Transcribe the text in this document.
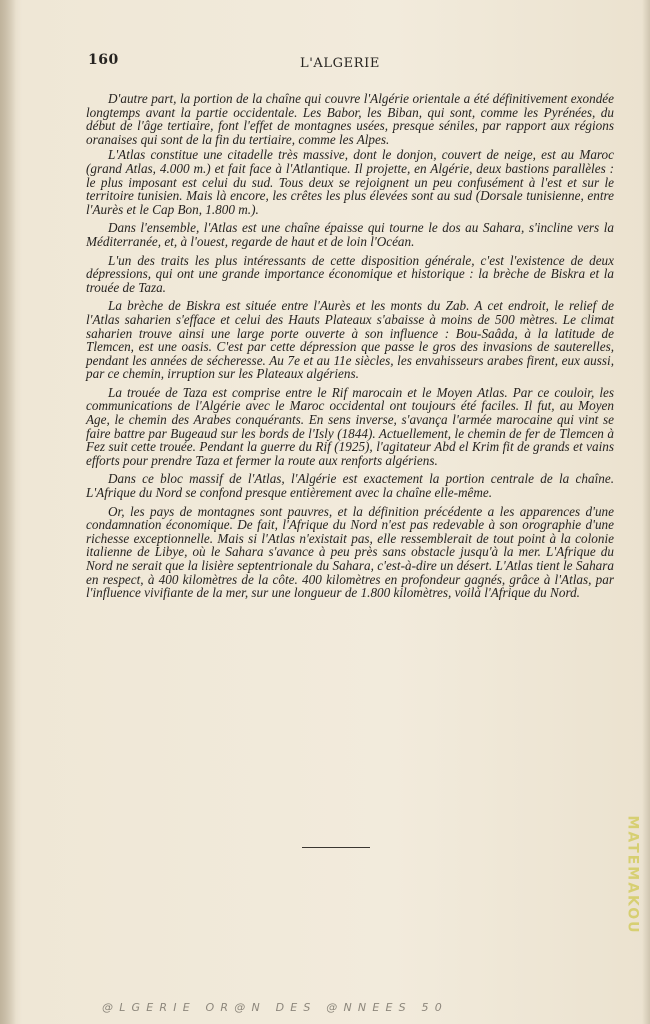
160	L'ALGERIE

D'autre part, la portion de la chaîne qui couvre l'Algérie orientale a été définitivement exondée longtemps avant la partie occidentale. Les Babor, les Biban, qui sont, comme les Pyrénées, du début de l'âge tertiaire, font l'effet de montagnes usées, presque séniles, par rapport aux régions oranaises qui sont de la fin du tertiaire, comme les Alpes.

L'Atlas constitue une citadelle très massive, dont le donjon, couvert de neige, est au Maroc (grand Atlas, 4.000 m.) et fait face à l'Atlantique. Il projette, en Algérie, deux bastions parallèles : le plus imposant est celui du sud. Tous deux se rejoignent un peu confusément à l'est et sur le territoire tunisien. Mais là encore, les crêtes les plus élevées sont au sud (Dorsale tunisienne, entre l'Aurès et le Cap Bon, 1.800 m.).

Dans l'ensemble, l'Atlas est une chaîne épaisse qui tourne le dos au Sahara, s'incline vers la Méditerranée, et, à l'ouest, regarde de haut et de loin l'Océan.

L'un des traits les plus intéressants de cette disposition générale, c'est l'existence de deux dépressions, qui ont une grande importance économique et historique : la brèche de Biskra et la trouée de Taza.

La brèche de Biskra est située entre l'Aurès et les monts du Zab. A cet endroit, le relief de l'Atlas saharien s'efface et celui des Hauts Plateaux s'abaisse à moins de 500 mètres. Le climat saharien trouve ainsi une large porte ouverte à son influence : Bou-Saâda, à la latitude de Tlemcen, est une oasis. C'est par cette dépression que passe le gros des invasions de sauterelles, pendant les années de sécheresse. Au 7e et au 11e siècles, les envahisseurs arabes firent, eux aussi, par ce chemin, irruption sur les Plateaux algériens.

La trouée de Taza est comprise entre le Rif marocain et le Moyen Atlas. Par ce couloir, les communications de l'Algérie avec le Maroc occidental ont toujours été faciles. Il fut, au Moyen Age, le chemin des Arabes conquérants. En sens inverse, s'avança l'armée marocaine qui vint se faire battre par Bugeaud sur les bords de l'Isly (1844). Actuellement, le chemin de fer de Tlemcen à Fez suit cette trouée. Pendant la guerre du Rif (1925), l'agitateur Abd el Krim fit de grands et vains efforts pour prendre Taza et fermer la route aux renforts algériens.

Dans ce bloc massif de l'Atlas, l'Algérie est exactement la portion centrale de la chaîne. L'Afrique du Nord se confond presque entièrement avec la chaîne elle-même.

Or, les pays de montagnes sont pauvres, et la définition précédente a les apparences d'une condamnation économique. De fait, l'Afrique du Nord n'est pas redevable à son orographie d'une richesse exceptionnelle. Mais si l'Atlas n'existait pas, elle ressemblerait de tout point à la colonie italienne de Libye, où le Sahara s'avance à peu près sans obstacle jusqu'à la mer. L'Afrique du Nord ne serait que la lisière septentrionale du Sahara, c'est-à-dire un désert. L'Atlas tient le Sahara en respect, à 400 kilomètres de la côte. 400 kilomètres en profondeur gagnés, grâce à l'Atlas, par l'influence vivifiante de la mer, sur une longueur de 1.800 kilomètres, voilà l'Afrique du Nord.

@LGERIE OR@N DES @NNEES 50
MATEMAKOU
